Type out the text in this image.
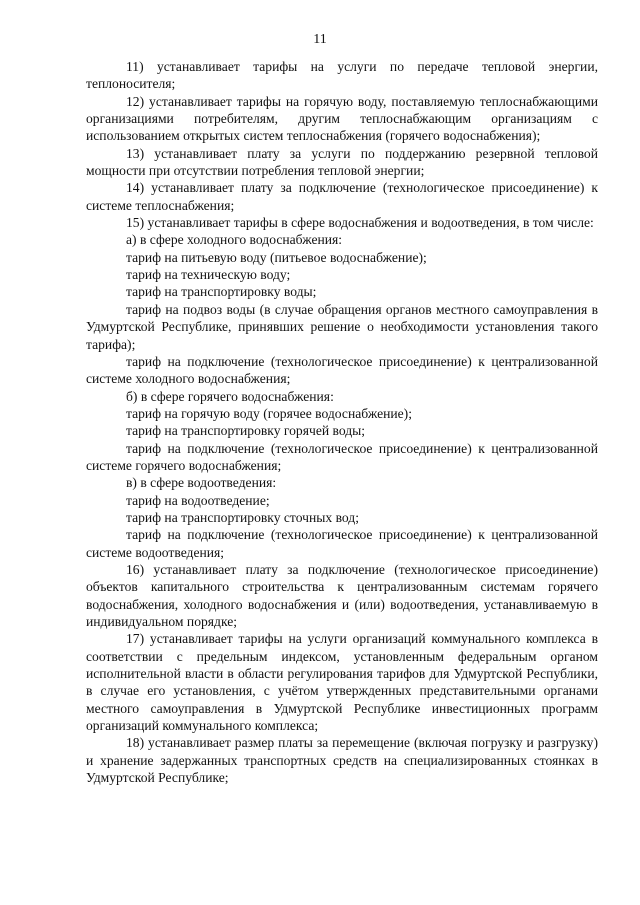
11

11) устанавливает тарифы на услуги по передаче тепловой энергии, теплоносителя;

12) устанавливает тарифы на горячую воду, поставляемую теплоснабжающими организациями потребителям, другим теплоснабжающим организациям с использованием открытых систем теплоснабжения (горячего водоснабжения);

13) устанавливает плату за услуги по поддержанию резервной тепловой мощности при отсутствии потребления тепловой энергии;

14) устанавливает плату за подключение (технологическое присоединение) к системе теплоснабжения;

15) устанавливает тарифы в сфере водоснабжения и водоотведения, в том числе:

а) в сфере холодного водоснабжения:

тариф на питьевую воду (питьевое водоснабжение);

тариф на техническую воду;

тариф на транспортировку воды;

тариф на подвоз воды (в случае обращения органов местного самоуправления в Удмуртской Республике, принявших решение о необходимости установления такого тарифа);

тариф на подключение (технологическое присоединение) к централизованной системе холодного водоснабжения;

б) в сфере горячего водоснабжения:

тариф на горячую воду (горячее водоснабжение);

тариф на транспортировку горячей воды;

тариф на подключение (технологическое присоединение) к централизованной системе горячего водоснабжения;

в) в сфере водоотведения:

тариф на водоотведение;

тариф на транспортировку сточных вод;

тариф на подключение (технологическое присоединение) к централизованной системе водоотведения;

16) устанавливает плату за подключение (технологическое присоединение) объектов капитального строительства к централизованным системам горячего водоснабжения, холодного водоснабжения и (или) водоотведения, устанавливаемую в индивидуальном порядке;

17) устанавливает тарифы на услуги организаций коммунального комплекса в соответствии с предельным индексом, установленным федеральным органом исполнительной власти в области регулирования тарифов для Удмуртской Республики, в случае его установления, с учётом утвержденных представительными органами местного самоуправления в Удмуртской Республике инвестиционных программ организаций коммунального комплекса;

18) устанавливает размер платы за перемещение (включая погрузку и разгрузку) и хранение задержанных транспортных средств на специализированных стоянках в Удмуртской Республике;
